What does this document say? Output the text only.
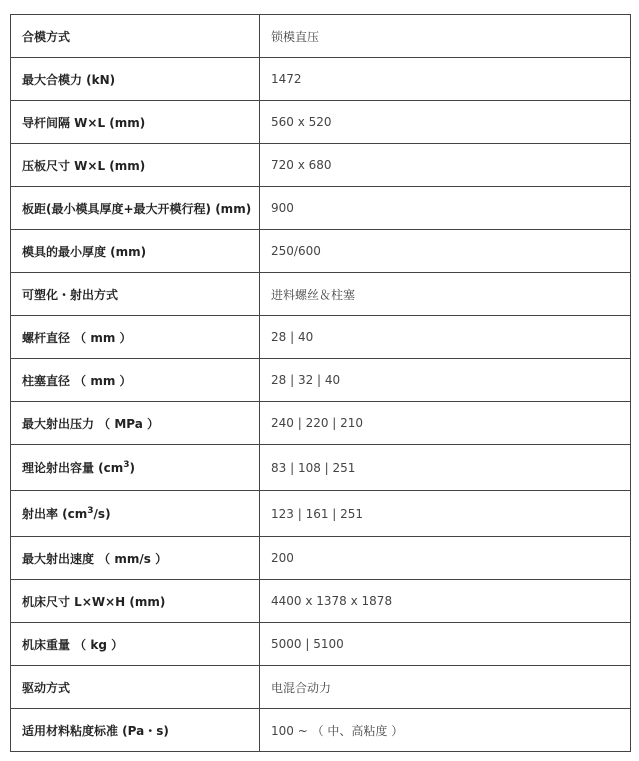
合模方式	锁模直压
最大合模力 (kN)	1472
导杆间隔 W×L (mm)	560 x 520
压板尺寸 W×L (mm)	720 x 680
板距(最小模具厚度+最大开模行程) (mm)	900
模具的最小厚度 (mm)	250/600
可塑化・射出方式	进料螺丝＆柱塞
螺杆直径 （ mm ）	28 | 40
柱塞直径 （ mm ）	28 | 32 | 40
最大射出压力 （ MPa ）	240 | 220 | 210
理论射出容量 $(cm^3)$	83 | 108 | 251
射出率 $(cm^3/s)$	123 | 161 | 251
最大射出速度 （ mm/s ）	200
机床尺寸 L×W×H (mm)	4400 x 1378 x 1878
机床重量 （ kg ）	5000 | 5100
驱动方式	电混合动力
适用材料粘度标准 (Pa・s)	100 ~ （ 中、高粘度 ）
